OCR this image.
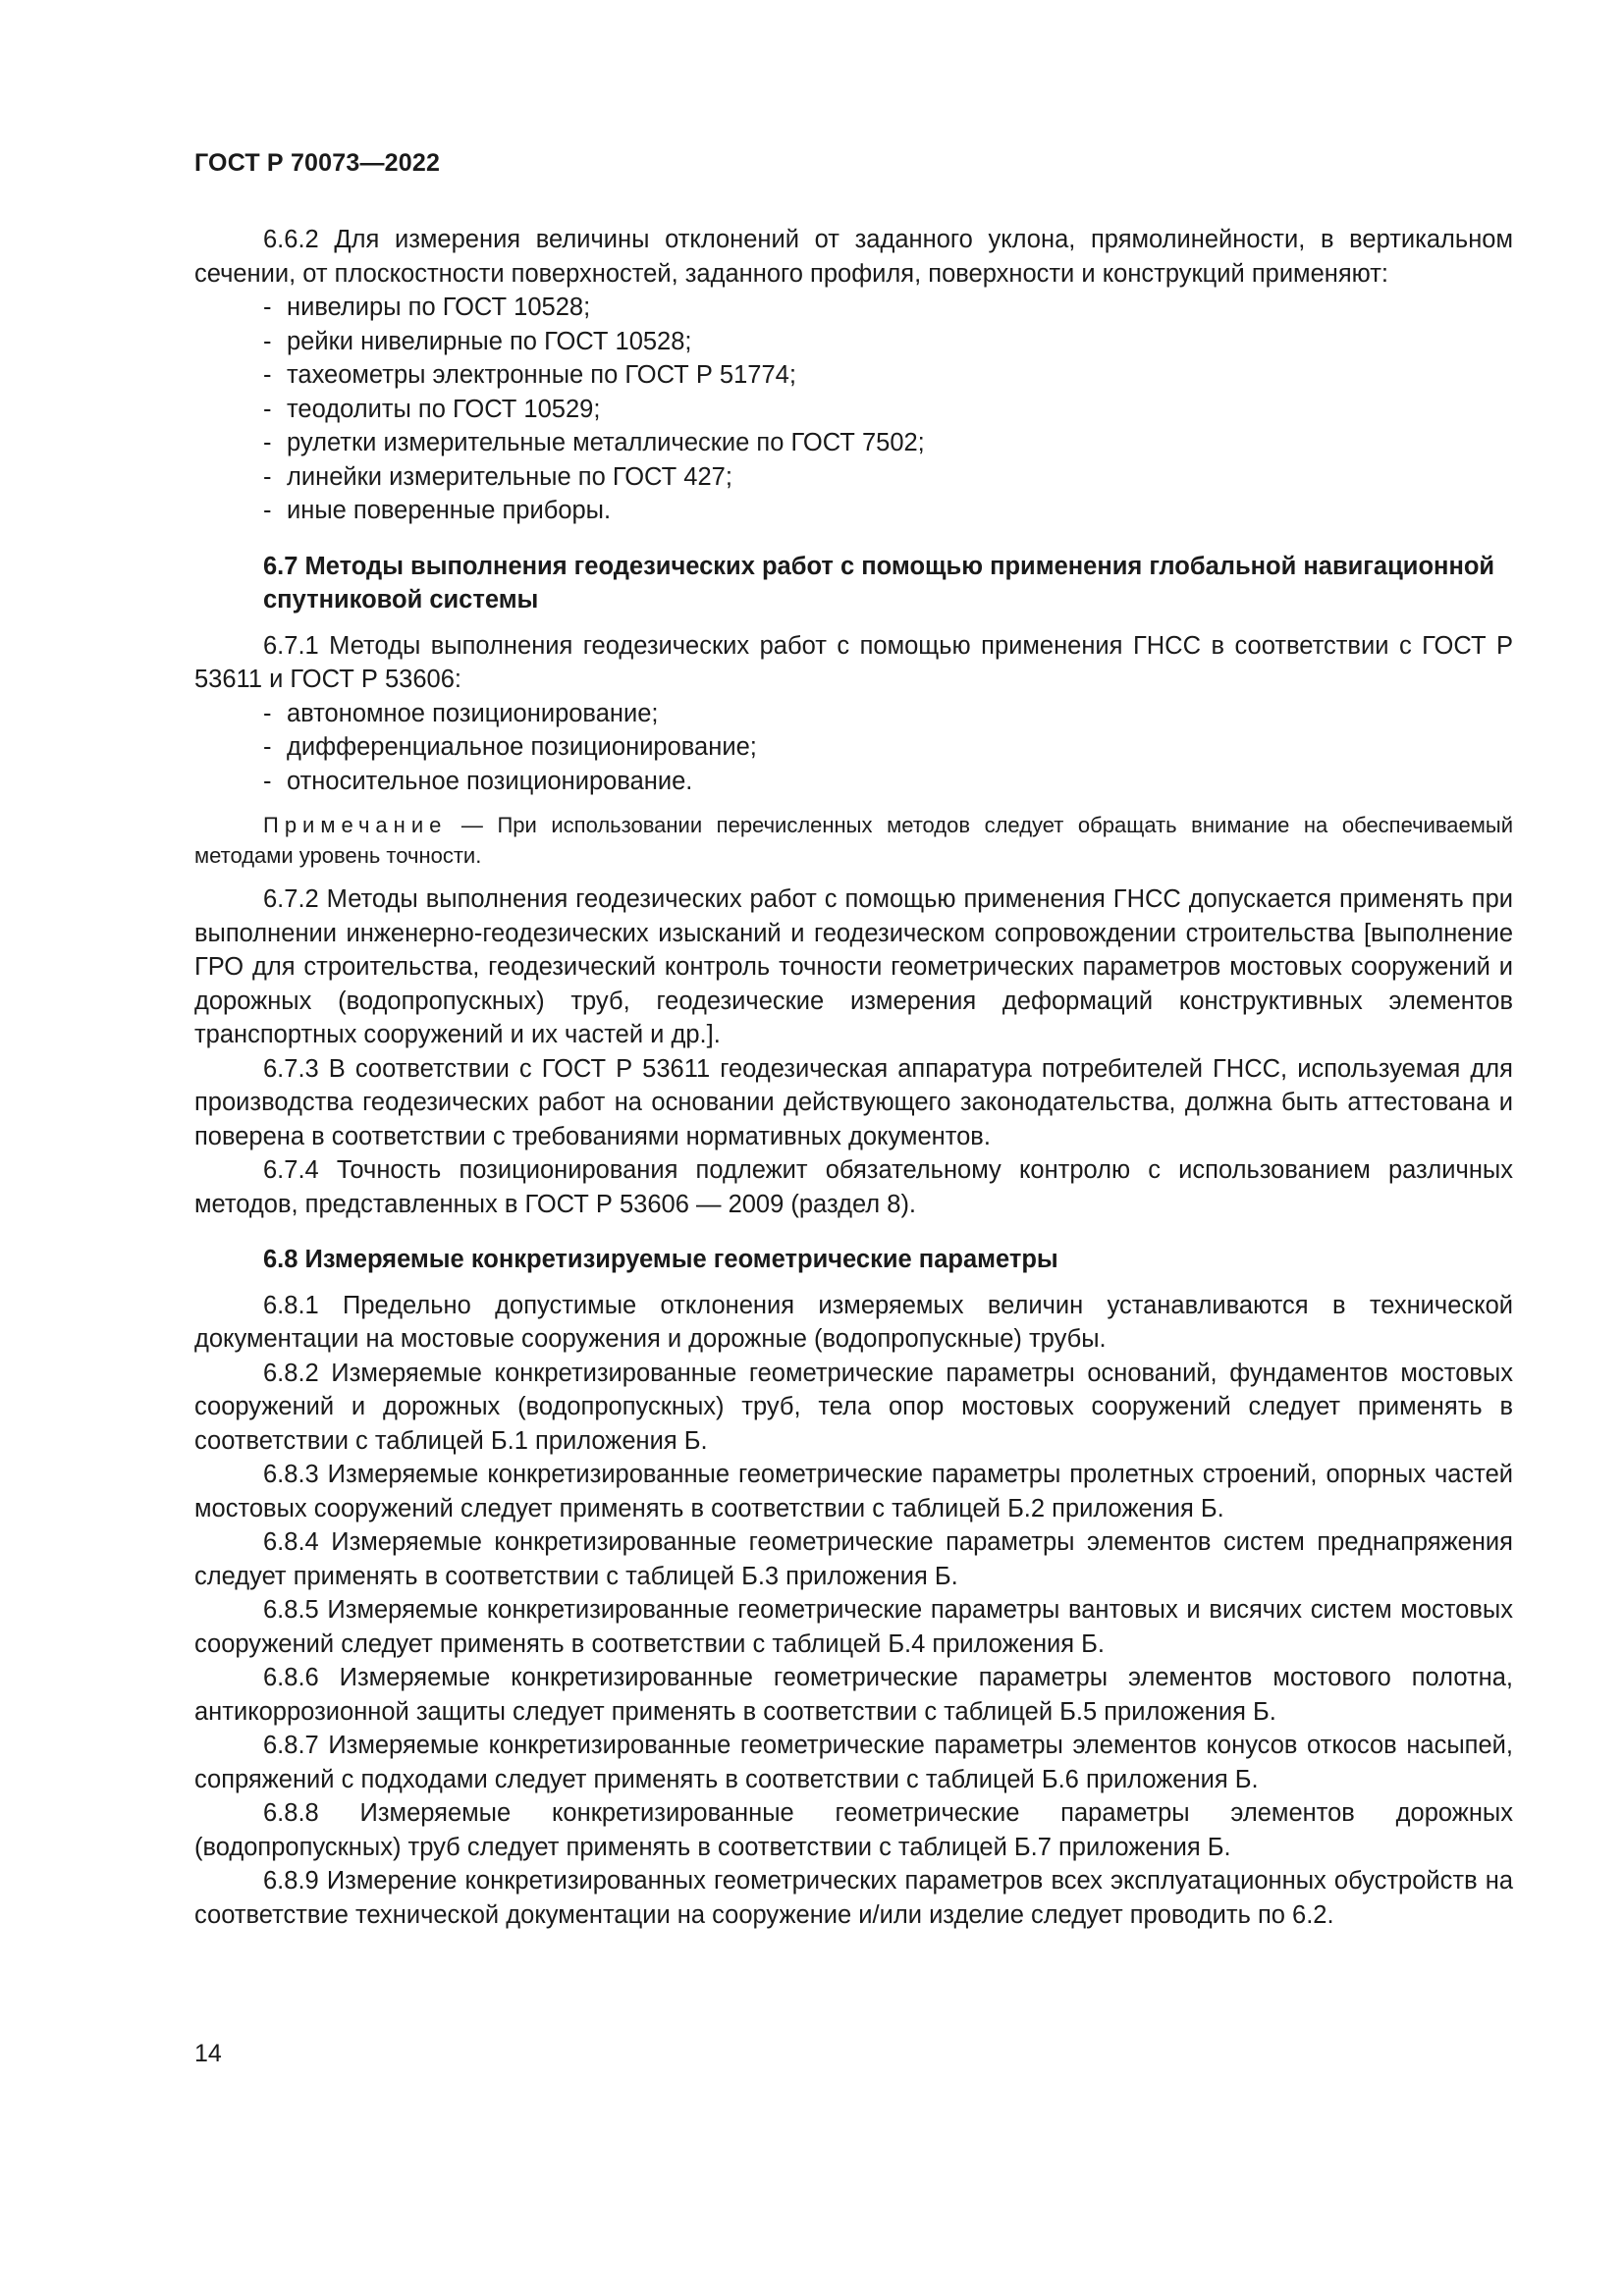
ГОСТ Р 70073—2022

6.6.2 Для измерения величины отклонений от заданного уклона, прямолинейности, в вертикальном сечении, от плоскостности поверхностей, заданного профиля, поверхности и конструкций применяют:

- нивелиры по ГОСТ 10528;
- рейки нивелирные по ГОСТ 10528;
- тахеометры электронные по ГОСТ Р 51774;
- теодолиты по ГОСТ 10529;
- рулетки измерительные металлические по ГОСТ 7502;
- линейки измерительные по ГОСТ 427;
- иные поверенные приборы.
6.7 Методы выполнения геодезических работ с помощью применения глобальной навигационной спутниковой системы

6.7.1 Методы выполнения геодезических работ с помощью применения ГНСС в соответствии с ГОСТ Р 53611 и ГОСТ Р 53606:

- автономное позиционирование;
- дифференциальное позиционирование;
- относительное позиционирование.
Примечание — При использовании перечисленных методов следует обращать внимание на обеспечиваемый методами уровень точности.

6.7.2 Методы выполнения геодезических работ с помощью применения ГНСС допускается применять при выполнении инженерно-геодезических изысканий и геодезическом сопровождении строительства [выполнение ГРО для строительства, геодезический контроль точности геометрических параметров мостовых сооружений и дорожных (водопропускных) труб, геодезические измерения деформаций конструктивных элементов транспортных сооружений и их частей и др.].

6.7.3 В соответствии с ГОСТ Р 53611 геодезическая аппаратура потребителей ГНСС, используемая для производства геодезических работ на основании действующего законодательства, должна быть аттестована и поверена в соответствии с требованиями нормативных документов.

6.7.4 Точность позиционирования подлежит обязательному контролю с использованием различных методов, представленных в ГОСТ Р 53606 — 2009 (раздел 8).

6.8 Измеряемые конкретизируемые геометрические параметры

6.8.1 Предельно допустимые отклонения измеряемых величин устанавливаются в технической документации на мостовые сооружения и дорожные (водопропускные) трубы.

6.8.2 Измеряемые конкретизированные геометрические параметры оснований, фундаментов мостовых сооружений и дорожных (водопропускных) труб, тела опор мостовых сооружений следует применять в соответствии с таблицей Б.1 приложения Б.

6.8.3 Измеряемые конкретизированные геометрические параметры пролетных строений, опорных частей мостовых сооружений следует применять в соответствии с таблицей Б.2 приложения Б.

6.8.4 Измеряемые конкретизированные геометрические параметры элементов систем преднапряжения следует применять в соответствии с таблицей Б.3 приложения Б.

6.8.5 Измеряемые конкретизированные геометрические параметры вантовых и висячих систем мостовых сооружений следует применять в соответствии с таблицей Б.4 приложения Б.

6.8.6 Измеряемые конкретизированные геометрические параметры элементов мостового полотна, антикоррозионной защиты следует применять в соответствии с таблицей Б.5 приложения Б.

6.8.7 Измеряемые конкретизированные геометрические параметры элементов конусов откосов насыпей, сопряжений с подходами следует применять в соответствии с таблицей Б.6 приложения Б.

6.8.8 Измеряемые конкретизированные геометрические параметры элементов дорожных (водопропускных) труб следует применять в соответствии с таблицей Б.7 приложения Б.

6.8.9 Измерение конкретизированных геометрических параметров всех эксплуатационных обустройств на соответствие технической документации на сооружение и/или изделие следует проводить по 6.2.

14
